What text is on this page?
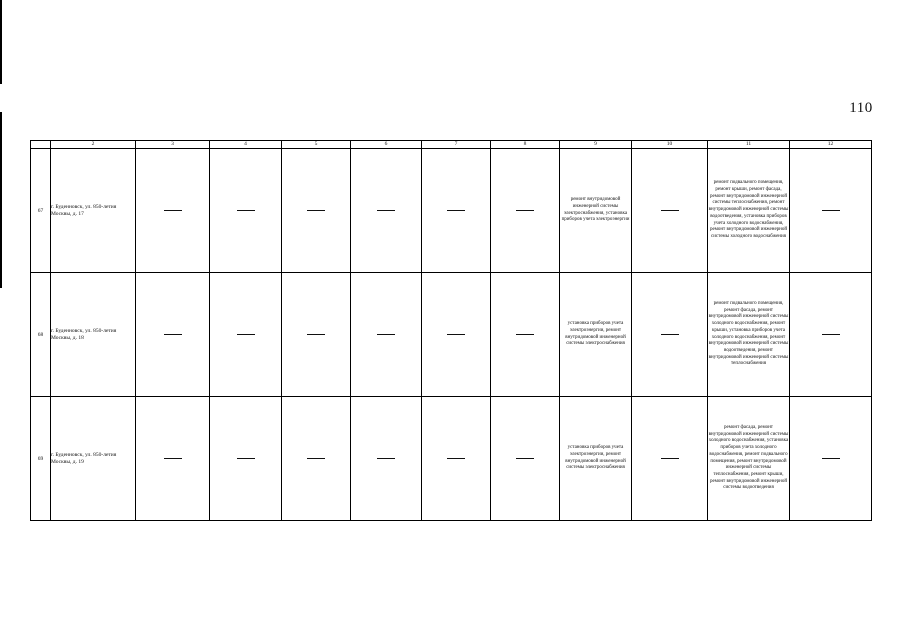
110
	2	3	4	5	6	7	8	9	10	11	12
67	г. Буденновск, ул. 850-летия Москвы, д. 17							ремонт внутридомовой инженерной системы электроснабжения, установка приборов учета электроэнергии		ремонт подвального помещения, ремонт крыши, ремонт фасада, ремонт внутридомовой инженерной системы теплоснабжения, ремонт внутридомовой инженерной системы водоотведения, установка приборов учета холодного водоснабжения, ремонт внутридомовой инженерной системы холодного водоснабжения	

68	г. Буденновск, ул. 850-летия Москвы, д. 18							установка приборов учета электроэнергии, ремонт внутридомовой инженерной системы электроснабжения		ремонт подвального помещения, ремонт фасада, ремонт внутридомовой инженерной системы холодного водоснабжения, ремонт крыши, установка приборов учета холодного водоснабжения, ремонт внутридомовой инженерной системы водоотведения, ремонт внутридомовой инженерной системы теплоснабжения	

69	г. Буденновск, ул. 850-летия Москвы, д. 19							установка приборов учета электроэнергии, ремонт внутридомовой инженерной системы электроснабжения		ремонт фасада, ремонт внутридомовой инженерной системы холодного водоснабжения, установка приборов учета холодного водоснабжения, ремонт подвального помещения, ремонт внутридомовой инженерной системы теплоснабжения, ремонт крыши, ремонт внутридомовой инженерной системы водоотведения	
